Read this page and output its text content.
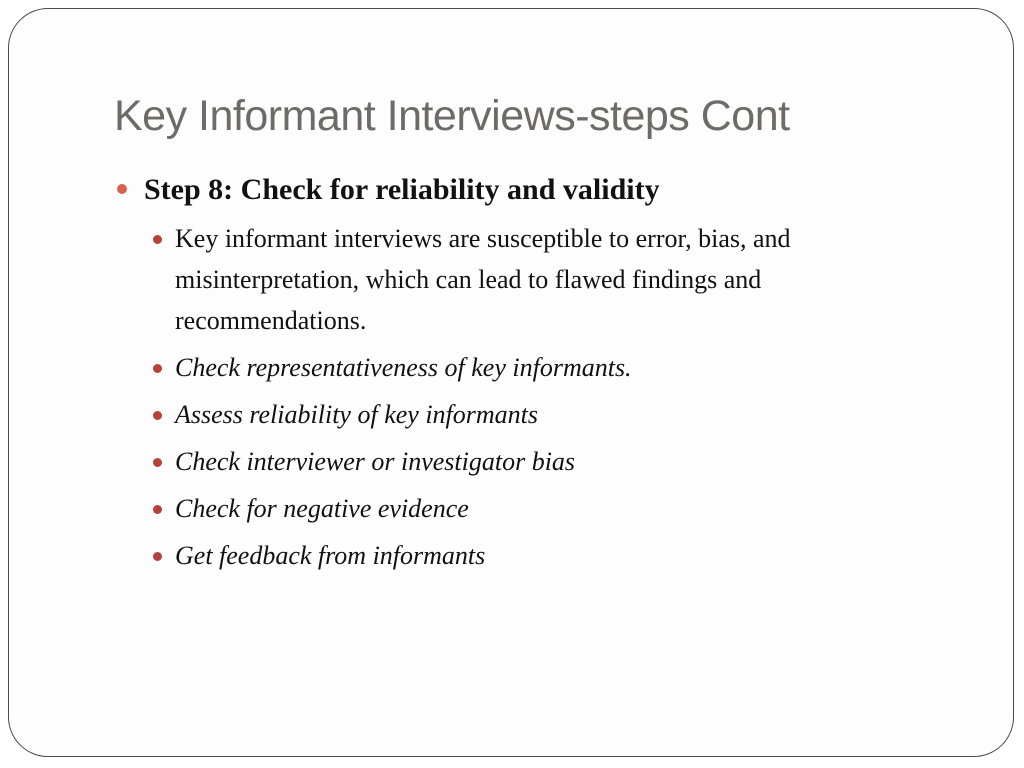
Key Informant Interviews-steps Cont
Step 8: Check for reliability and validity
Key informant interviews are susceptible to error, bias, and misinterpretation, which can lead to flawed findings and recommendations.
Check representativeness of key informants.
Assess reliability of key informants
Check interviewer or investigator bias
Check for negative evidence
Get feedback from informants
